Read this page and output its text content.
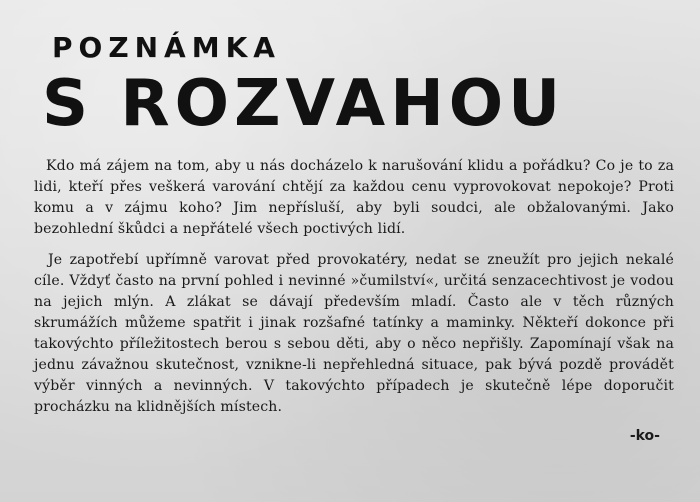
POZNÁMKA
S ROZVAHOU

Kdo má zájem na tom, aby u nás docházelo k narušování klidu a pořádku? Co je to za lidi, kteří přes veškerá varování chtějí za každou cenu vyprovokovat nepokoje? Proti komu a v zájmu koho? Jim nepřísluší, aby byli soudci, ale obžalovanými. Jako bezohlední škůdci a nepřátelé všech poctivých lidí.

Je zapotřebí upřímně varovat před provokatéry, nedat se zneužít pro jejich nekalé cíle. Vždyť často na první pohled i nevinné »čumilství«, určitá senzacechtivost je vodou na jejich mlýn. A zlákat se dávají především mladí. Často ale v těch různých skrumážích můžeme spatřit i jinak rozšafné tatínky a maminky. Někteří dokonce při takovýchto příležitostech berou s sebou děti, aby o něco nepřišly. Zapomínají však na jednu závažnou skutečnost, vznikne-li nepřehledná situace, pak bývá pozdě provádět výběr vinných a nevinných. V takovýchto případech je skutečně lépe doporučit procházku na klidnějších místech.

-ko-
